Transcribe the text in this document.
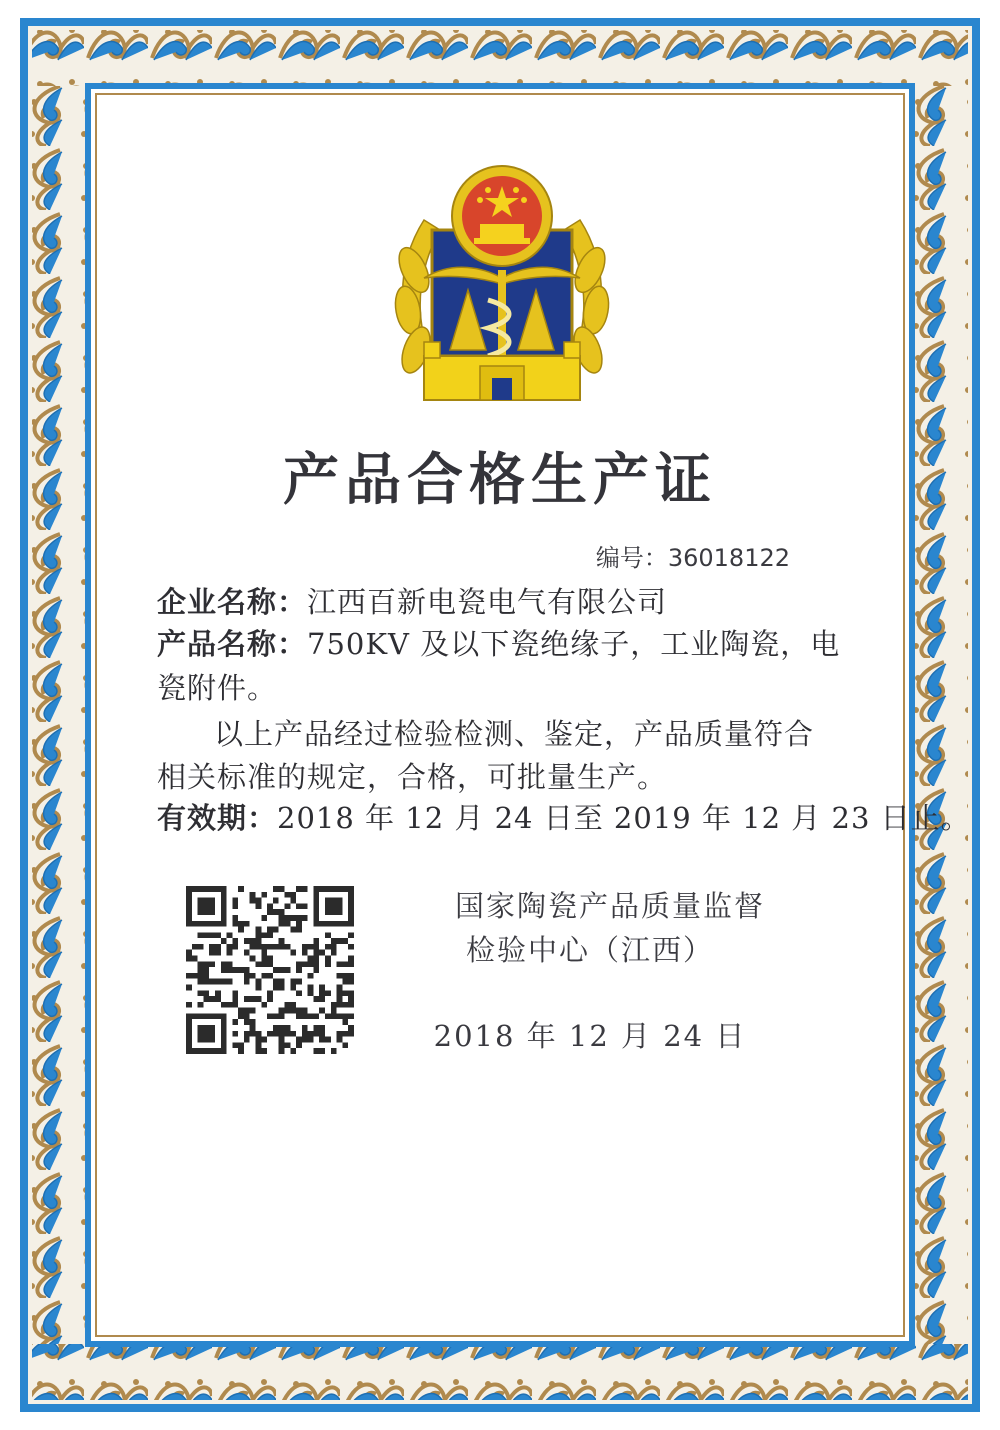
产品合格生产证
编号：36018122
企业名称：江西百新电瓷电气有限公司
产品名称：750KV 及以下瓷绝缘子，工业陶瓷，电
瓷附件。
以上产品经过检验检测、鉴定，产品质量符合
相关标准的规定，合格，可批量生产。
有效期：2018 年 12 月 24 日至 2019 年 12 月 23 日止。
国家陶瓷产品质量监督
检验中心（江西）
2018 年 12 月 24 日
